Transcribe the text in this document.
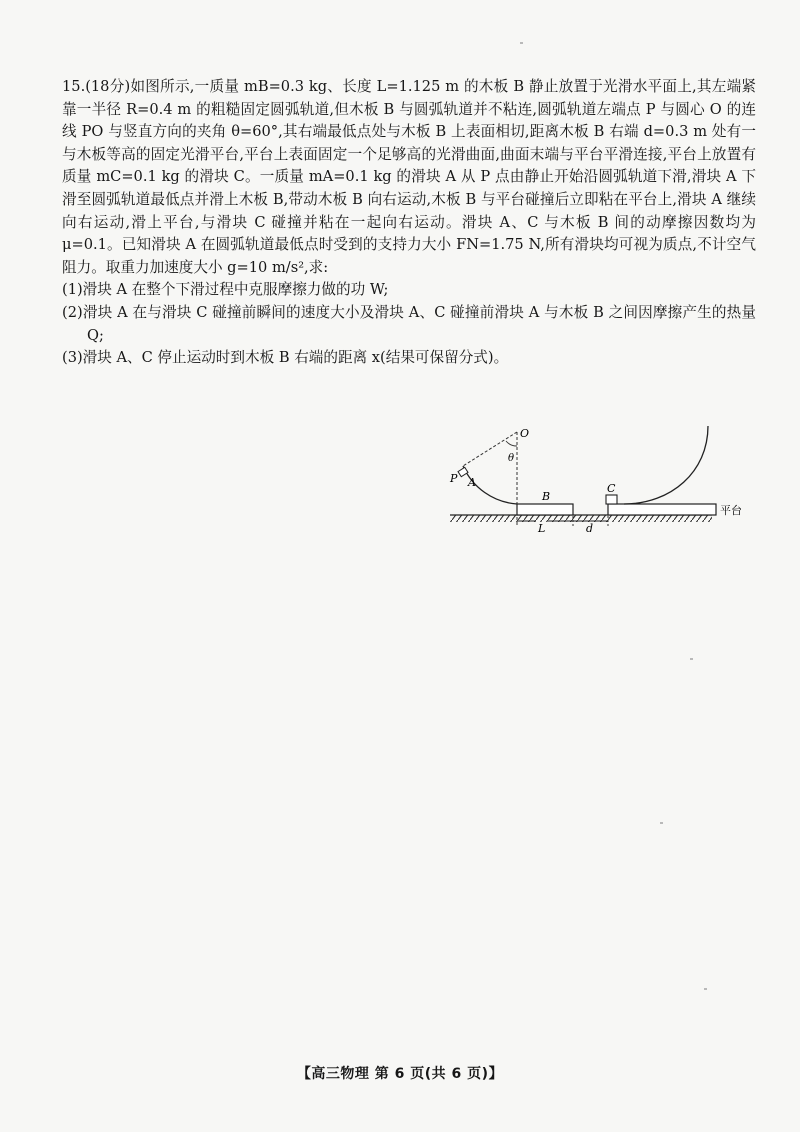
15.(18分)如图所示,一质量 mB=0.3 kg、长度 L=1.125 m 的木板 B 静止放置于光滑水平面上,其左端紧靠一半径 R=0.4 m 的粗糙固定圆弧轨道,但木板 B 与圆弧轨道并不粘连,圆弧轨道左端点 P 与圆心 O 的连线 PO 与竖直方向的夹角 θ=60°,其右端最低点处与木板 B 上表面相切,距离木板 B 右端 d=0.3 m 处有一与木板等高的固定光滑平台,平台上表面固定一个足够高的光滑曲面,曲面末端与平台平滑连接,平台上放置有质量 mC=0.1 kg 的滑块 C。一质量 mA=0.1 kg 的滑块 A 从 P 点由静止开始沿圆弧轨道下滑,滑块 A 下滑至圆弧轨道最低点并滑上木板 B,带动木板 B 向右运动,木板 B 与平台碰撞后立即粘在平台上,滑块 A 继续向右运动,滑上平台,与滑块 C 碰撞并粘在一起向右运动。滑块 A、C 与木板 B 间的动摩擦因数均为 μ=0.1。已知滑块 A 在圆弧轨道最低点时受到的支持力大小 FN=1.75 N,所有滑块均可视为质点,不计空气阻力。取重力加速度大小 g=10 m/s²,求:

(1)滑块 A 在整个下滑过程中克服摩擦力做的功 W;

(2)滑块 A 在与滑块 C 碰撞前瞬间的速度大小及滑块 A、C 碰撞前滑块 A 与木板 B 之间因摩擦产生的热量 Q;

(3)滑块 A、C 停止运动时到木板 B 右端的距离 x(结果可保留分式)。

O
θ
P A
B
C
L	d
平台
【高三物理 第 6 页(共 6 页)】
